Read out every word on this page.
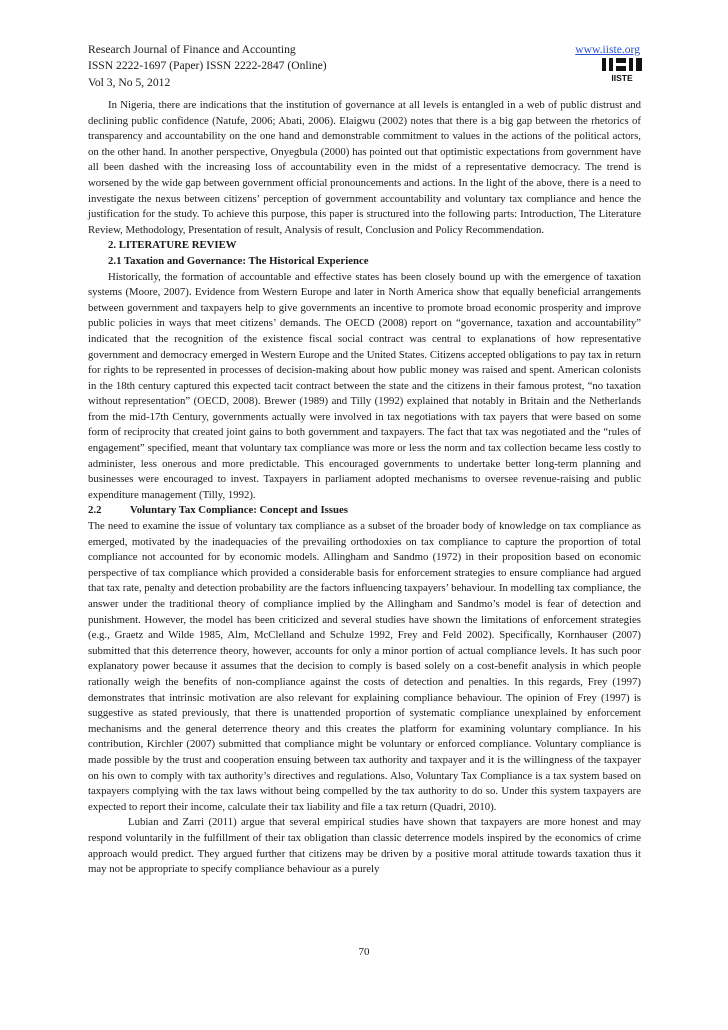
Research Journal of Finance and Accounting
ISSN 2222-1697 (Paper) ISSN 2222-2847 (Online)
Vol 3, No 5, 2012
www.iiste.org
IISTE

In Nigeria, there are indications that the institution of governance at all levels is entangled in a web of public distrust and declining public confidence (Natufe, 2006; Abati, 2006). Elaigwu (2002) notes that there is a big gap between the rhetorics of transparency and accountability on the one hand and demonstrable commitment to values in the actions of the political actors, on the other hand. In another perspective, Onyegbula (2000) has pointed out that optimistic expectations from government have all been dashed with the increasing loss of accountability even in the midst of a representative democracy. The trend is worsened by the wide gap between government official pronouncements and actions. In the light of the above, there is a need to investigate the nexus between citizens’ perception of government accountability and voluntary tax compliance and hence the justification for the study. To achieve this purpose, this paper is structured into the following parts: Introduction, The Literature Review, Methodology, Presentation of result, Analysis of result, Conclusion and Policy Recommendation.

2. LITERATURE REVIEW

2.1 Taxation and Governance: The Historical Experience

Historically, the formation of accountable and effective states has been closely bound up with the emergence of taxation systems (Moore, 2007). Evidence from Western Europe and later in North America show that equally beneficial arrangements between government and taxpayers help to give governments an incentive to promote broad economic prosperity and improve public policies in ways that meet citizens’ demands. The OECD (2008) report on “governance, taxation and accountability” indicated that the recognition of the existence fiscal social contract was central to explanations of how representative government and democracy emerged in Western Europe and the United States. Citizens accepted obligations to pay tax in return for rights to be represented in processes of decision-making about how public money was raised and spent. American colonists in the 18th century captured this expected tacit contract between the state and the citizens in their famous protest, “no taxation without representation” (OECD, 2008). Brewer (1989) and Tilly (1992) explained that notably in Britain and the Netherlands from the mid-17th Century, governments actually were involved in tax negotiations with tax payers that were based on some form of reciprocity that created joint gains to both government and taxpayers. The fact that tax was negotiated and the “rules of engagement” specified, meant that voluntary tax compliance was more or less the norm and tax collection became less costly to administer, less onerous and more predictable. This encouraged governments to undertake better long-term planning and businesses were encouraged to invest. Taxpayers in parliament adopted mechanisms to oversee revenue-raising and public expenditure management (Tilly, 1992).

2.2	Voluntary Tax Compliance: Concept and Issues

The need to examine the issue of voluntary tax compliance as a subset of the broader body of knowledge on tax compliance as emerged, motivated by the inadequacies of the prevailing orthodoxies on tax compliance to capture the proportion of total compliance not accounted for by economic models. Allingham and Sandmo (1972) in their proposition based on economic perspective of tax compliance which provided a considerable basis for enforcement strategies to ensure compliance had argued that tax rate, penalty and detection probability are the factors influencing taxpayers’ behaviour. In modelling tax compliance, the answer under the traditional theory of compliance implied by the Allingham and Sandmo’s model is fear of detection and punishment. However, the model has been criticized and several studies have shown the limitations of enforcement strategies (e.g., Graetz and Wilde 1985, Alm, McClelland and Schulze 1992, Frey and Feld 2002). Specifically, Kornhauser (2007) submitted that this deterrence theory, however, accounts for only a minor portion of actual compliance levels. It has such poor explanatory power because it assumes that the decision to comply is based solely on a cost-benefit analysis in which people rationally weigh the benefits of non-compliance against the costs of detection and penalties. In this regards, Frey (1997) demonstrates that intrinsic motivation are also relevant for explaining compliance behaviour. The opinion of Frey (1997) is suggestive as stated previously, that there is unattended proportion of systematic compliance unexplained by enforcement mechanisms and the general deterrence theory and this creates the platform for examining voluntary compliance. In his contribution, Kirchler (2007) submitted that compliance might be voluntary or enforced compliance. Voluntary compliance is made possible by the trust and cooperation ensuing between tax authority and taxpayer and it is the willingness of the taxpayer on his own to comply with tax authority’s directives and regulations. Also, Voluntary Tax Compliance is a tax system based on taxpayers complying with the tax laws without being compelled by the tax authority to do so. Under this system taxpayers are expected to report their income, calculate their tax liability and file a tax return (Quadri, 2010).

Lubian and Zarri (2011) argue that several empirical studies have shown that taxpayers are more honest and may respond voluntarily in the fulfillment of their tax obligation than classic deterrence models inspired by the economics of crime approach would predict. They argued further that citizens may be driven by a positive moral attitude towards taxation thus it may not be appropriate to specify compliance behaviour as a purely

70
